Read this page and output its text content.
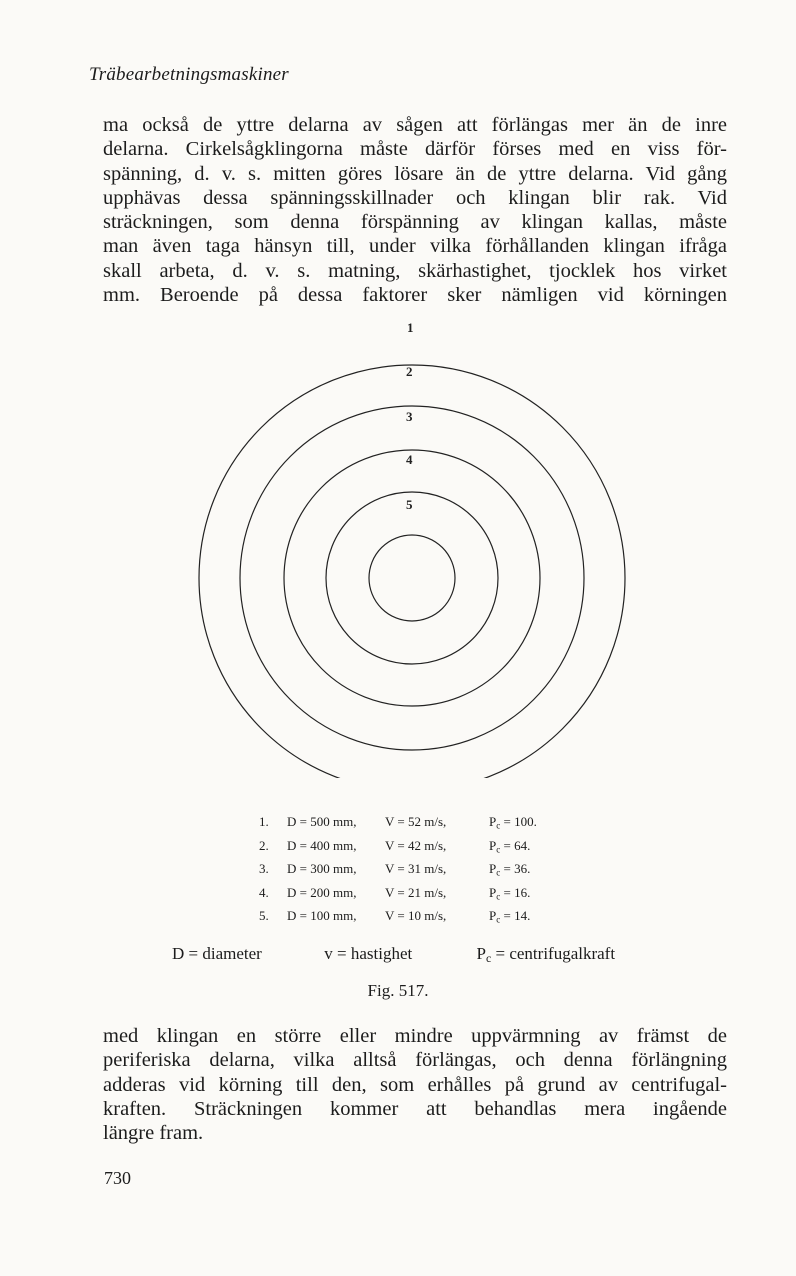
Träbearbetningsmaskiner
ma också de yttre delarna av sågen att förlängas mer än de inre
delarna. Cirkelsågklingorna måste därför förses med en viss för-
spänning, d. v. s. mitten göres lösare än de yttre delarna. Vid gång
upphävas dessa spänningsskillnader och klingan blir rak. Vid
sträckningen, som denna förspänning av klingan kallas, måste
man även taga hänsyn till, under vilka förhållanden klingan ifråga
skall arbeta, d. v. s. matning, skärhastighet, tjocklek hos virket
mm. Beroende på dessa faktorer sker nämligen vid körningen
1
2
3
4
5
1.	D = 500 mm,	V = 52 m/s,	$P_c = 100$.
2.	D = 400 mm,	V = 42 m/s,	$P_c = 64$.
3.	D = 300 mm,	V = 31 m/s,	$P_c = 36$.
4.	D = 200 mm,	V = 21 m/s,	$P_c = 16$.
5.	D = 100 mm,	V = 10 m/s,	$P_c = 14$.
D = diameter	v = hastighet	$P_c$ = centrifugalkraft
Fig. 517.
med klingan en större eller mindre uppvärmning av främst de
periferiska delarna, vilka alltså förlängas, och denna förlängning
adderas vid körning till den, som erhålles på grund av centrifugal-
kraften. Sträckningen kommer att behandlas mera ingående
längre fram.
730
